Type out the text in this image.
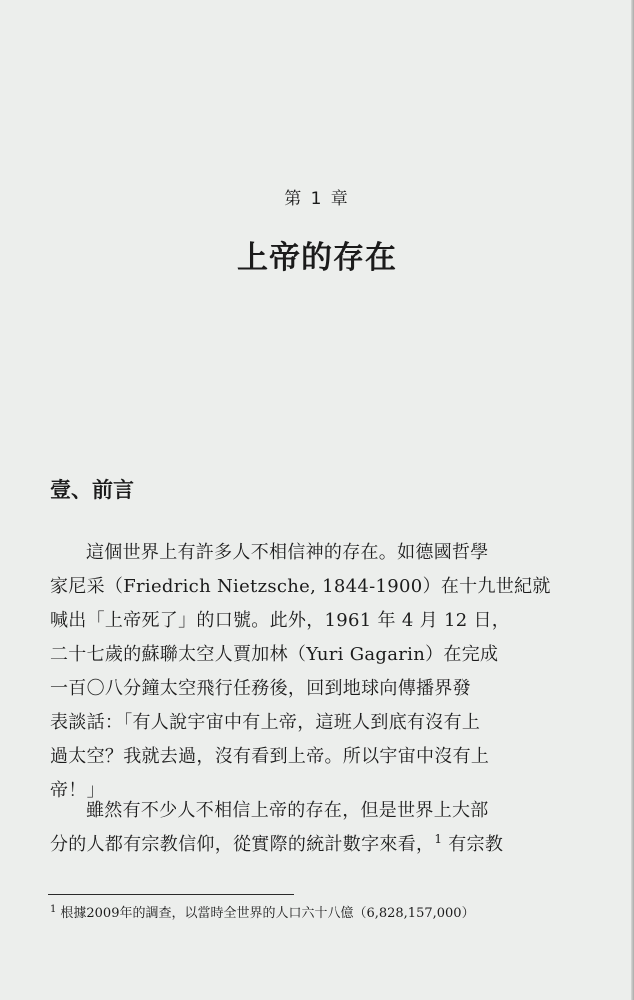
第 1 章
上帝的存在
壹、前言

這個世界上有許多人不相信神的存在。如德國哲學

家尼采（Friedrich Nietzsche, 1844-1900）在十九世紀就

喊出「上帝死了」的口號。此外，1961 年 4 月 12 日，

二十七歲的蘇聯太空人賈加林（Yuri Gagarin）在完成

一百〇八分鐘太空飛行任務後，回到地球向傳播界發

表談話：「有人說宇宙中有上帝，這班人到底有沒有上

過太空？我就去過，沒有看到上帝。所以宇宙中沒有上

帝！」

雖然有不少人不相信上帝的存在，但是世界上大部

分的人都有宗教信仰，從實際的統計數字來看，$^1$ 有宗教

$^1$ 根據2009年的調查，以當時全世界的人口六十八億（6,828,157,000）
